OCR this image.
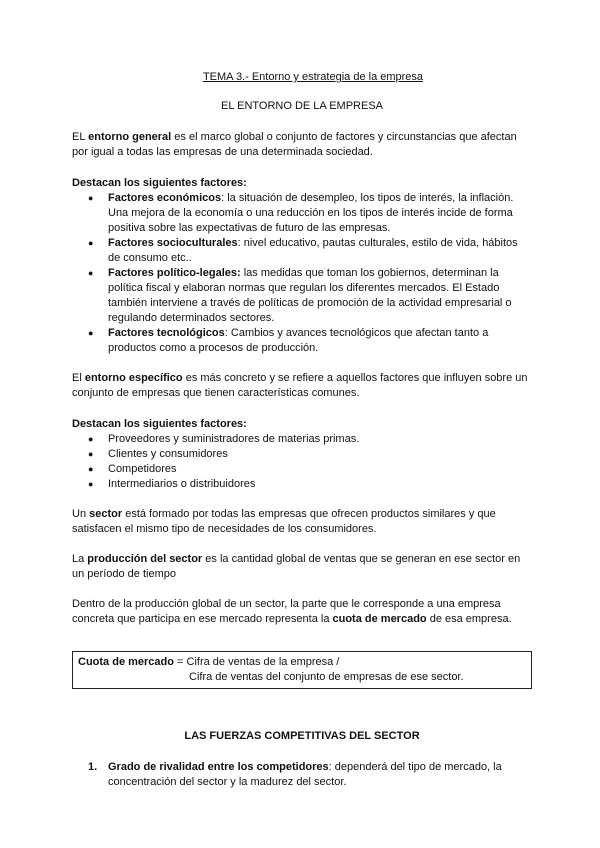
TEMA 3.- Entorno y estrategia de la empresa
EL ENTORNO DE LA EMPRESA

EL entorno general es el marco global o conjunto de factores y circunstancias que afectan por igual a todas las empresas de una determinada sociedad.

Destacan los siguientes factores:

● Factores económicos: la situación de desempleo, los tipos de interés, la inflación. Una mejora de la economía o una reducción en los tipos de interés incide de forma positiva sobre las expectativas de futuro de las empresas.
● Factores socioculturales: nivel educativo, pautas culturales, estilo de vida, hábitos de consumo etc..
● Factores político-legales: las medidas que toman los gobiernos, determinan la política fiscal y elaboran normas que regulan los diferentes mercados. El Estado también interviene a través de políticas de promoción de la actividad empresarial o regulando determinados sectores.
● Factores tecnológicos: Cambios y avances tecnológicos que afectan tanto a productos como a procesos de producción.

El entorno específico es más concreto y se refiere a aquellos factores que influyen sobre un conjunto de empresas que tienen características comunes.

Destacan los siguientes factores:

● Proveedores y suministradores de materias primas.
● Clientes y consumidores
● Competidores
● Intermediarios o distribuidores

Un sector está formado por todas las empresas que ofrecen productos similares y que satisfacen el mismo tipo de necesidades de los consumidores.

La producción del sector es la cantidad global de ventas que se generan en ese sector en un período de tiempo

Dentro de la producción global de un sector, la parte que le corresponde a una empresa concreta que participa en ese mercado representa la cuota de mercado de esa empresa.

Cuota de mercado = Cifra de ventas de la empresa /
Cifra de ventas del conjunto de empresas de ese sector.
LAS FUERZAS COMPETITIVAS DEL SECTOR
1. Grado de rivalidad entre los competidores: dependerá del tipo de mercado, la concentración del sector y la madurez del sector.
